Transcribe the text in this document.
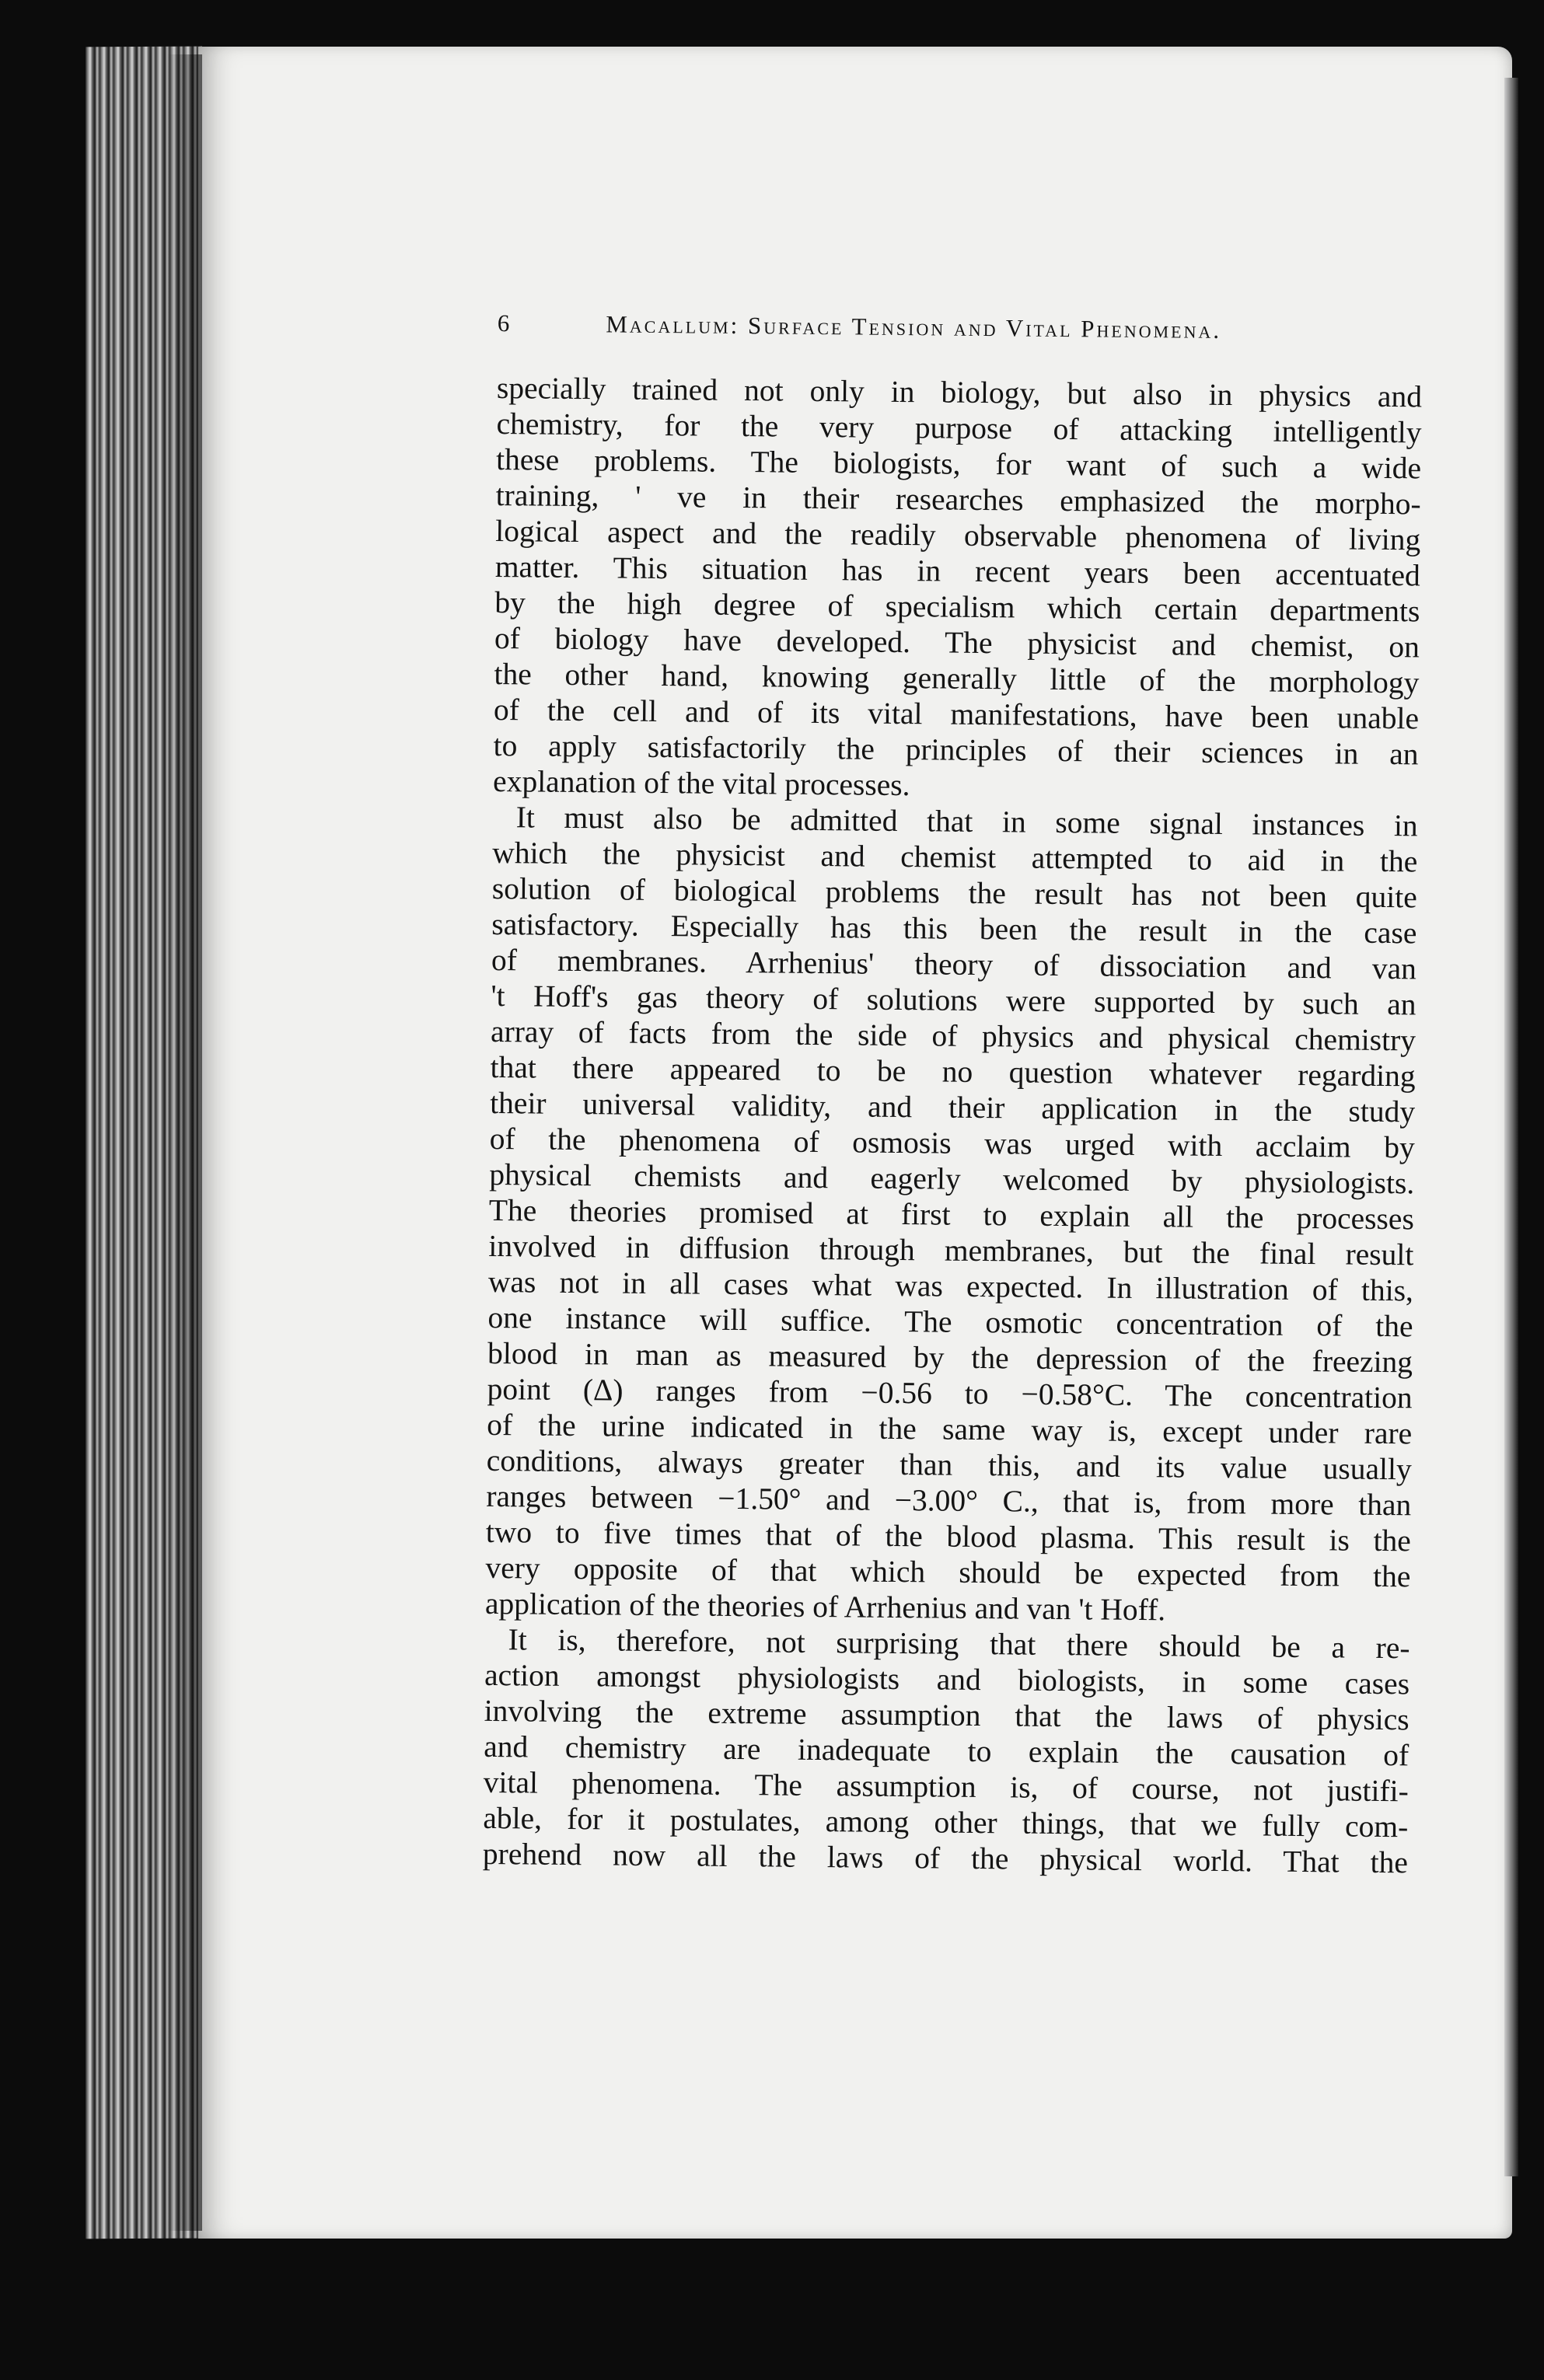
6	Macallum: Surface Tension and Vital Phenomena.

specially trained not only in biology, but also in physics and
chemistry, for the very purpose of attacking intelligently
these problems. The biologists, for want of such a wide
training, ' ve in their researches emphasized the morpho-
logical aspect and the readily observable phenomena of living
matter. This situation has in recent years been accentuated
by the high degree of specialism which certain departments
of biology have developed. The physicist and chemist, on
the other hand, knowing generally little of the morphology
of the cell and of its vital manifestations, have been unable
to apply satisfactorily the principles of their sciences in an
explanation of the vital processes.

It must also be admitted that in some signal instances in
which the physicist and chemist attempted to aid in the
solution of biological problems the result has not been quite
satisfactory. Especially has this been the result in the case
of membranes. Arrhenius' theory of dissociation and van
't Hoff's gas theory of solutions were supported by such an
array of facts from the side of physics and physical chemistry
that there appeared to be no question whatever regarding
their universal validity, and their application in the study
of the phenomena of osmosis was urged with acclaim by
physical chemists and eagerly welcomed by physiologists.
The theories promised at first to explain all the processes
involved in diffusion through membranes, but the final result
was not in all cases what was expected. In illustration of this,
one instance will suffice. The osmotic concentration of the
blood in man as measured by the depression of the freezing
point (Δ) ranges from −0.56 to −0.58°C. The concentration
of the urine indicated in the same way is, except under rare
conditions, always greater than this, and its value usually
ranges between −1.50° and −3.00° C., that is, from more than
two to five times that of the blood plasma. This result is the
very opposite of that which should be expected from the
application of the theories of Arrhenius and van 't Hoff.

It is, therefore, not surprising that there should be a re-
action amongst physiologists and biologists, in some cases
involving the extreme assumption that the laws of physics
and chemistry are inadequate to explain the causation of
vital phenomena. The assumption is, of course, not justifi-
able, for it postulates, among other things, that we fully com-
prehend now all the laws of the physical world. That the
